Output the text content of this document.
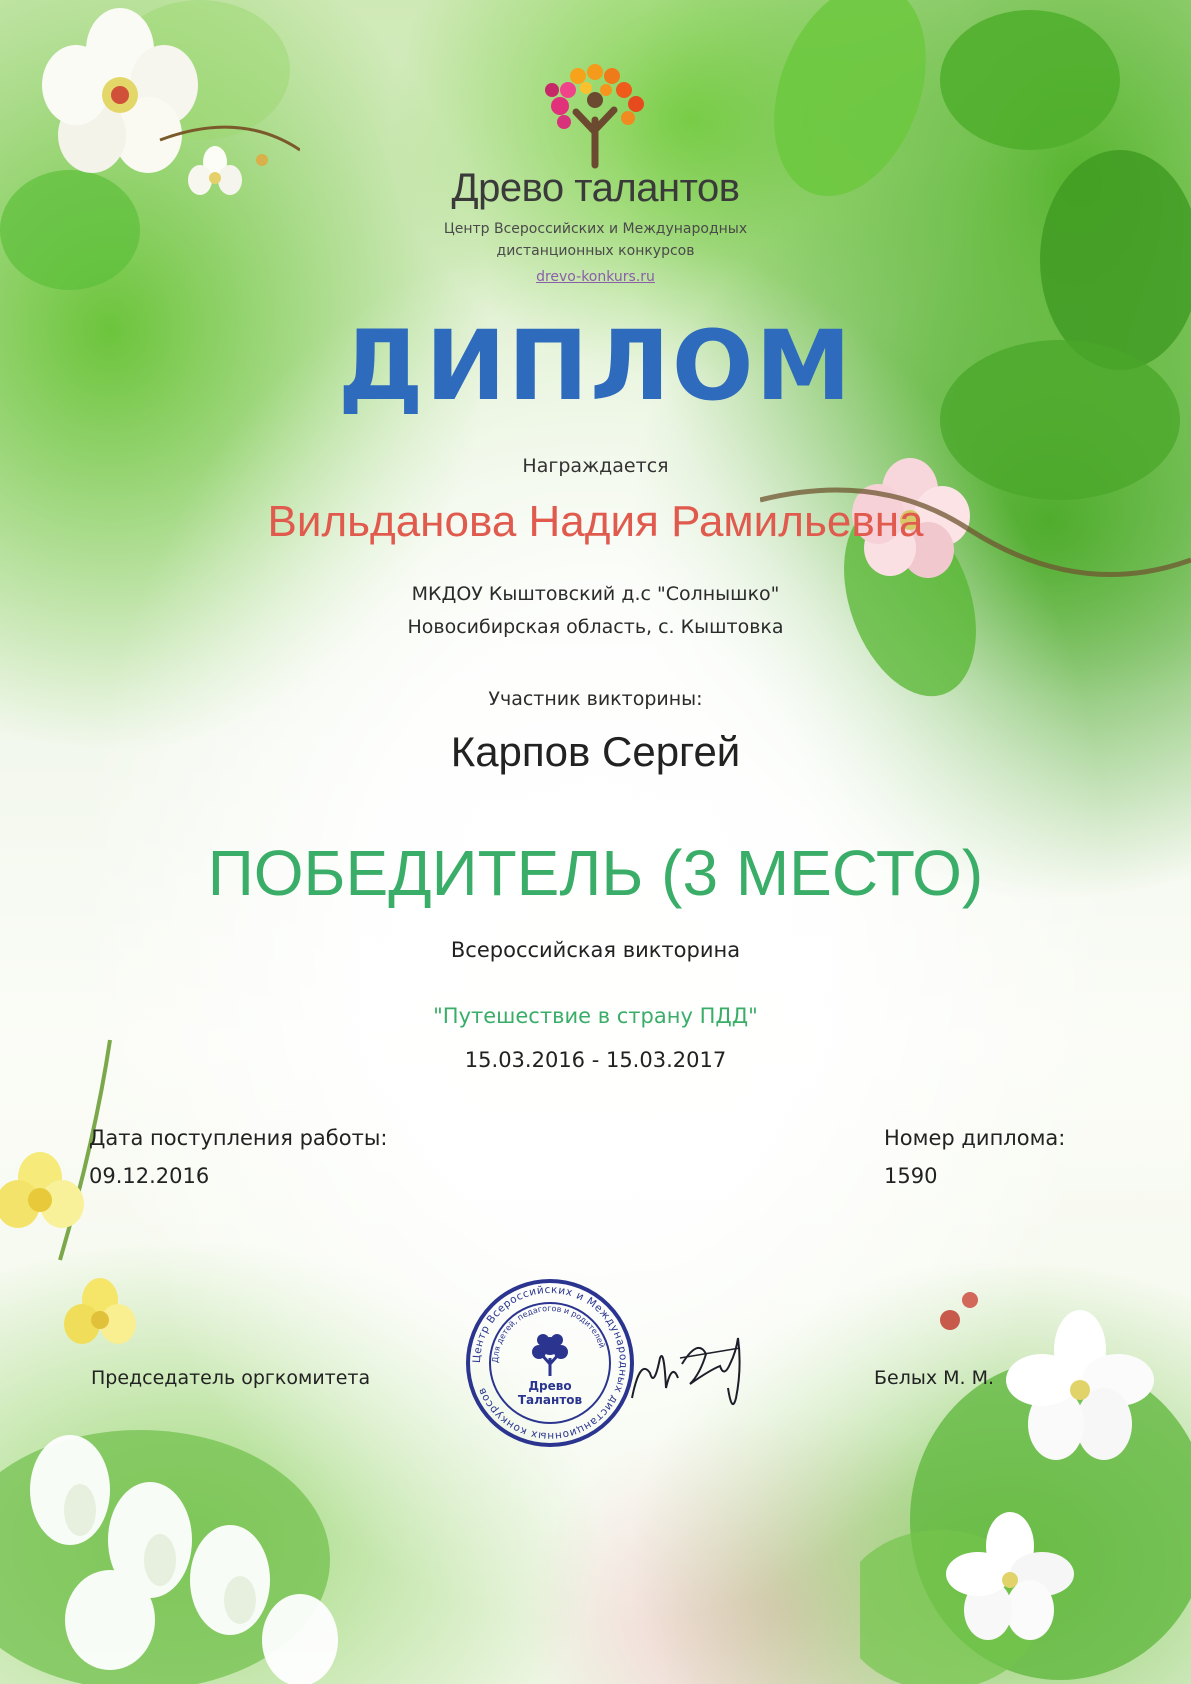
Древо талантов
Центр Всероссийских и Международных
дистанционных конкурсов
drevo-konkurs.ru
ДИПЛОМ
Награждается
Вильданова Надия Рамильевна
МКДОУ Кыштовский д.с "Солнышко"
Новосибирская область, с. Кыштовка
Участник викторины:
Карпов Сергей
ПОБЕДИТЕЛЬ (3 МЕСТО)
Всероссийская викторина
"Путешествие в страну ПДД"
15.03.2016 - 15.03.2017
Дата поступления работы:
09.12.2016
Номер диплома:
1590
Председатель оргкомитета	Белых М. М.
Центр Всероссийских и Международных дистанционных конкурсов
Для детей, педагогов и родителей
Древо
Талантов
